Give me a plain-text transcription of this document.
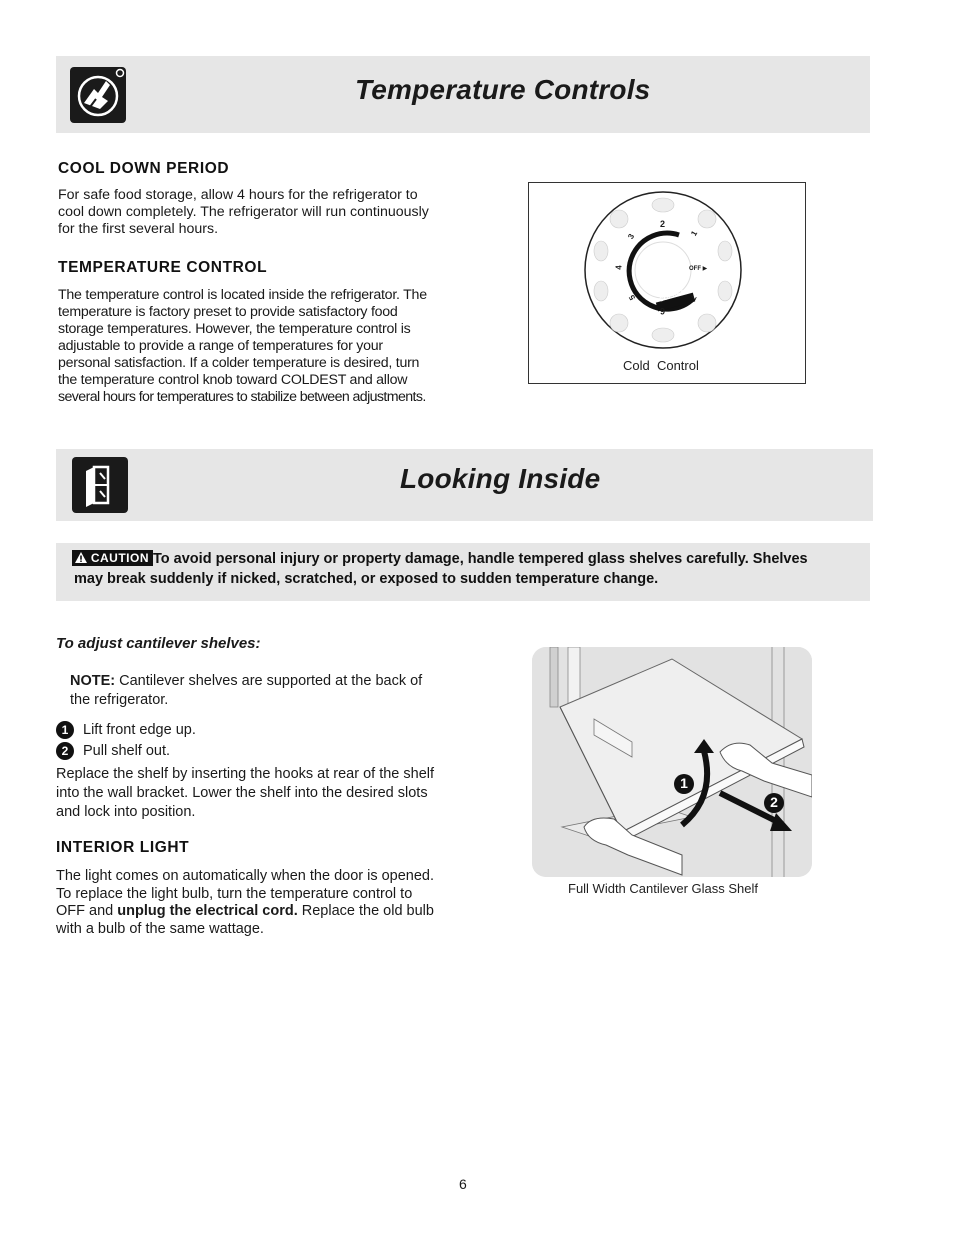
Temperature Controls
COOL DOWN PERIOD
For safe food storage, allow 4 hours for the refrigerator to
cool down completely. The refrigerator will run continuously
for the first several hours.
TEMPERATURE CONTROL
The temperature control is located inside the refrigerator. The
temperature is factory preset to provide satisfactory food
storage temperatures. However, the temperature control is
adjustable to provide a range of temperatures for your
personal satisfaction. If a colder temperature is desired, turn
the temperature control knob toward COLDEST and allow
several hours for temperatures to stabilize between adjustments.
1
2
3
4
5
6
7
OFF ▶
COLDEST
Cold  Control
Looking Inside
CAUTION To avoid personal injury or property damage, handle tempered glass shelves carefully. Shelves
may break suddenly if nicked, scratched, or exposed to sudden temperature change.
To adjust cantilever shelves:
NOTE: Cantilever shelves are supported at the back of
the refrigerator.
1 Lift front edge up.
2 Pull shelf out.
Replace the shelf by inserting the hooks at rear of the shelf
into the wall bracket. Lower the shelf into the desired slots
and lock into position.
INTERIOR LIGHT
The light comes on automatically when the door is opened.
To replace the light bulb, turn the temperature control to
OFF and unplug the electrical cord. Replace the old bulb
with a bulb of the same wattage.
1
2
Full Width Cantilever Glass Shelf
6
